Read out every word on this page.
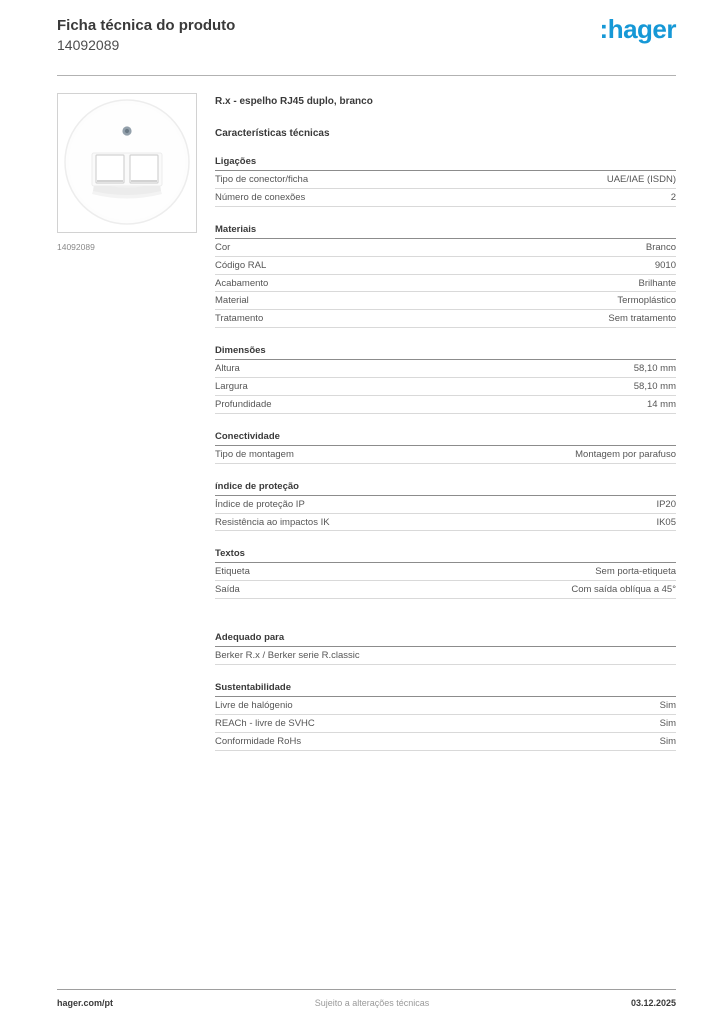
Ficha técnica do produto
14092089
:hager
14092089
R.x - espelho RJ45 duplo, branco
Características técnicas
Ligações
Tipo de conector/ficha	UAE/IAE (ISDN)
Número de conexões	2
Materiais
Cor	Branco
Código RAL	9010
Acabamento	Brilhante
Material	Termoplástico
Tratamento	Sem tratamento
Dimensões
Altura	58,10 mm
Largura	58,10 mm
Profundidade	14 mm
Conectividade
Tipo de montagem	Montagem por parafuso
índice de proteção
Índice de proteção IP	IP20
Resistência ao impactos IK	IK05
Textos
Etiqueta	Sem porta-etiqueta
Saída	Com saída oblíqua a 45°
Adequado para
Berker R.x / Berker serie R.classic
Sustentabilidade
Livre de halógenio	Sim
REACh - livre de SVHC	Sim
Conformidade RoHs	Sim
hager.com/pt	Sujeito a alterações técnicas	03.12.2025
